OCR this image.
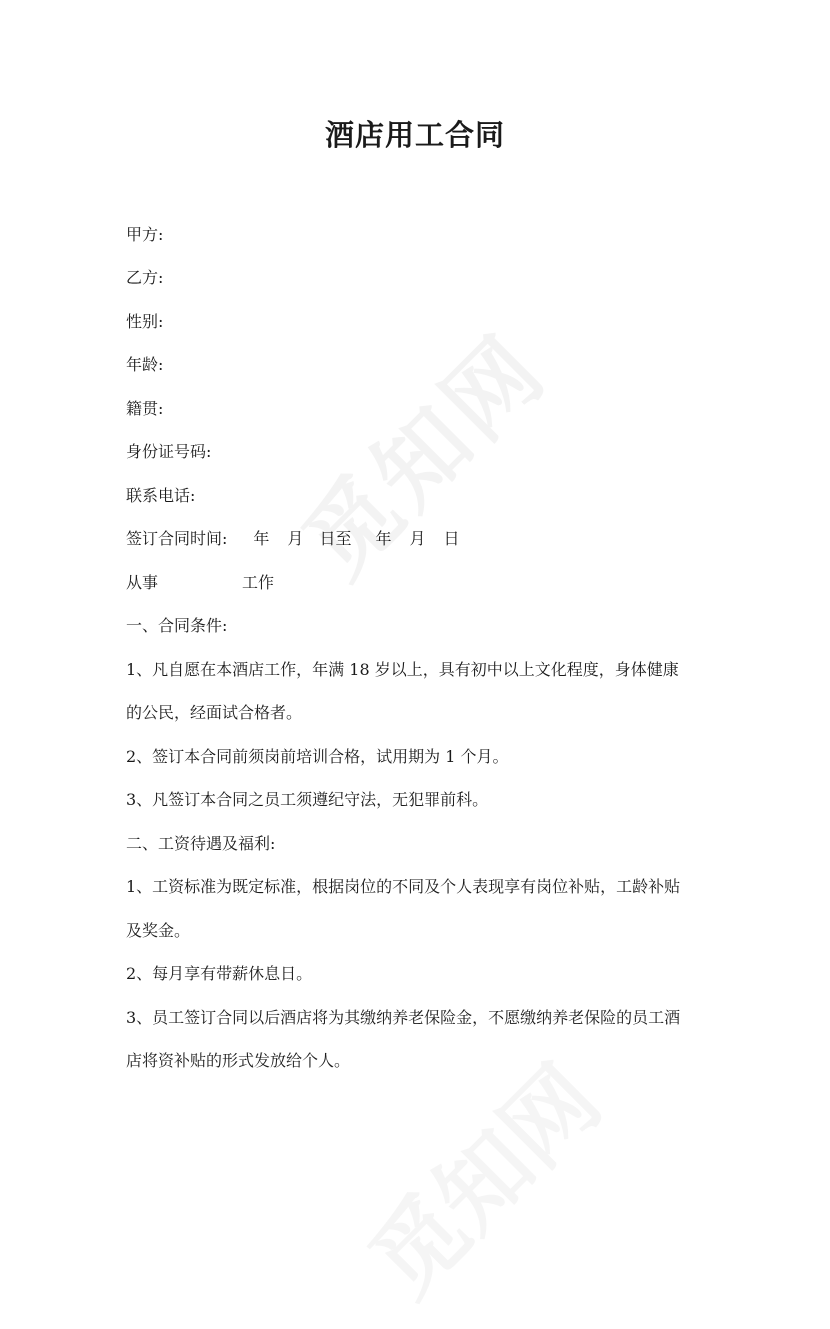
酒店用工合同
甲方:
乙方:
性别:
年龄:
籍贯:
身份证号码:
联系电话:
签订合同时间: 年 月 日至 年 月 日
从事	工作
一、合同条件:
1、凡自愿在本酒店工作，年满 18 岁以上，具有初中以上文化程度，身体健康
的公民，经面试合格者。
2、签订本合同前须岗前培训合格，试用期为 1 个月。
3、凡签订本合同之员工须遵纪守法，无犯罪前科。
二、工资待遇及福利:
1、工资标准为既定标准，根据岗位的不同及个人表现享有岗位补贴，工龄补贴
及奖金。
2、每月享有带薪休息日。
3、员工签订合同以后酒店将为其缴纳养老保险金，不愿缴纳养老保险的员工酒
店将资补贴的形式发放给个人。
